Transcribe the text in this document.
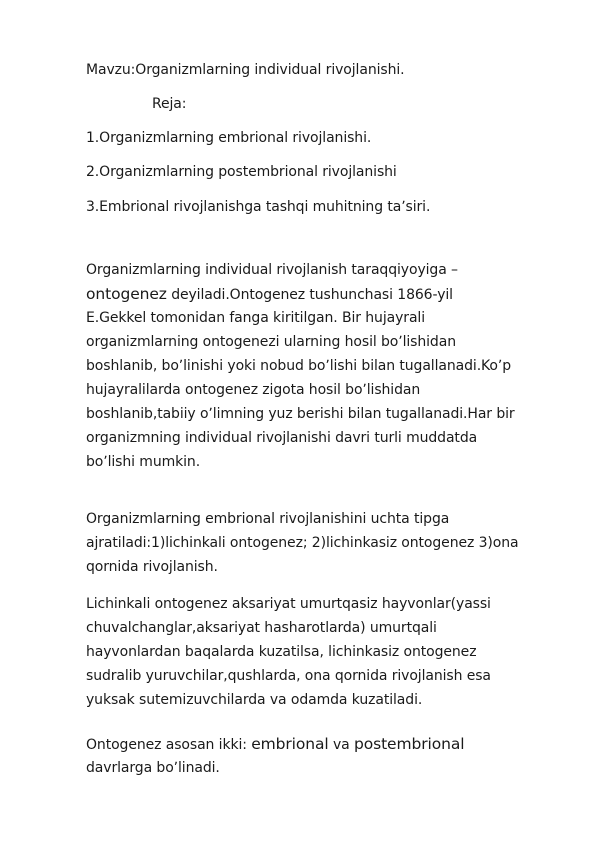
Mavzu:Organizmlarning individual rivojlanishi.
Reja:
1.Organizmlarning embrional rivojlanishi.
2.Organizmlarning postembrional rivojlanishi
3.Embrional rivojlanishga tashqi muhitning taʼsiri.
Organizmlarning individual rivojlanish taraqqiyoyiga –
ontogenez deyiladi.Ontogenez tushunchasi 1866-yil
E.Gekkel tomonidan fanga kiritilgan. Bir hujayrali
organizmlarning ontogenezi ularning hosil boʼlishidan
boshlanib, boʼlinishi yoki nobud boʼlishi bilan tugallanadi.Koʼp
hujayralilarda ontogenez zigota hosil boʼlishidan
boshlanib,tabiiy oʼlimning yuz berishi bilan tugallanadi.Har bir
organizmning individual rivojlanishi davri turli muddatda
boʼlishi mumkin.
Organizmlarning embrional rivojlanishini uchta tipga
ajratiladi:1)lichinkali ontogenez; 2)lichinkasiz ontogenez 3)ona
qornida rivojlanish.
Lichinkali ontogenez aksariyat umurtqasiz hayvonlar(yassi
chuvalchanglar,aksariyat hasharotlarda) umurtqali
hayvonlardan baqalarda kuzatilsa, lichinkasiz ontogenez
sudralib yuruvchilar,qushlarda, ona qornida rivojlanish esa
yuksak sutemizuvchilarda va odamda kuzatiladi.
Ontogenez asosan ikki: embrional va postembrional
davrlarga boʼlinadi.
